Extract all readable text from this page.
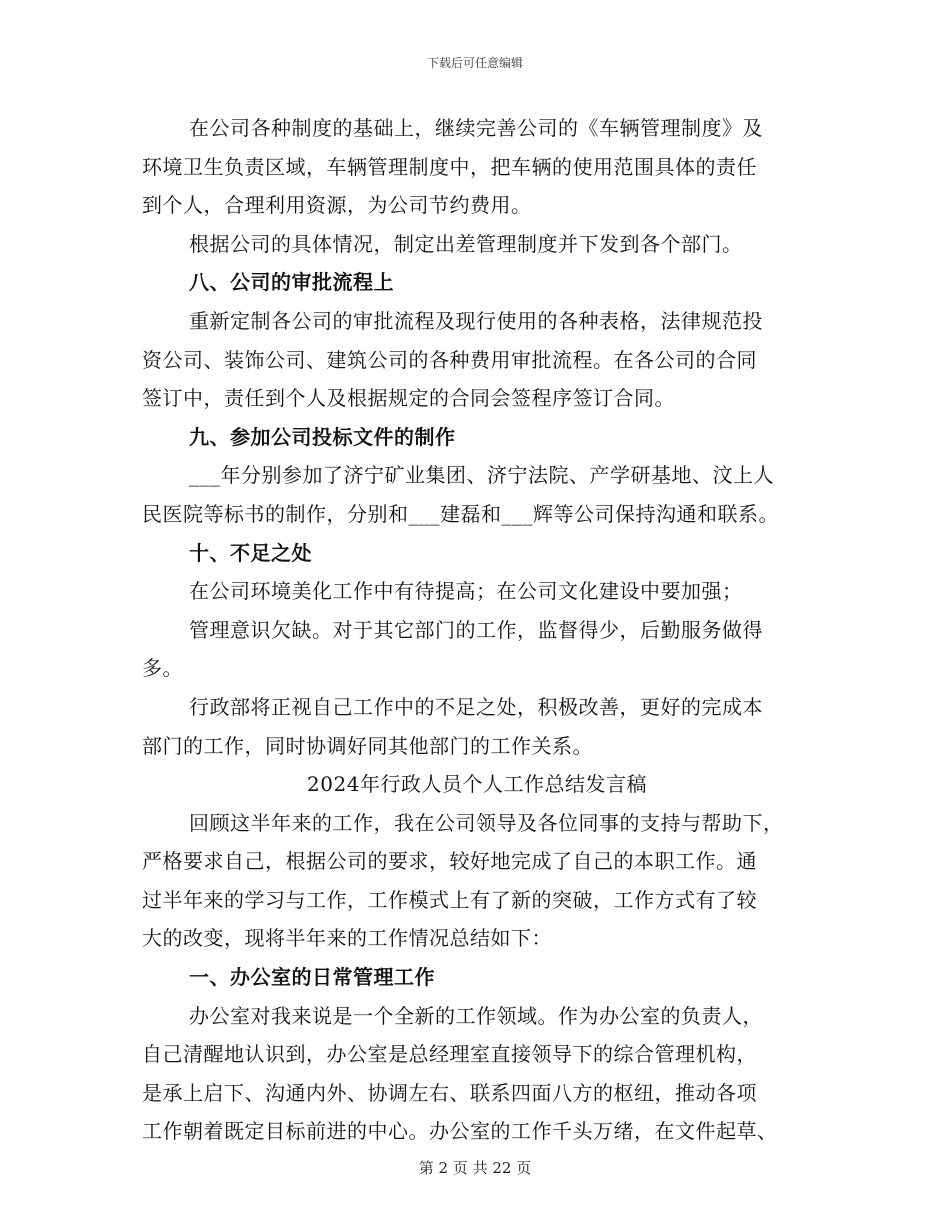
下载后可任意编辑
在公司各种制度的基础上，继续完善公司的《车辆管理制度》及
环境卫生负责区域，车辆管理制度中，把车辆的使用范围具体的责任
到个人，合理利用资源，为公司节约费用。
根据公司的具体情况，制定出差管理制度并下发到各个部门。
八、公司的审批流程上
重新定制各公司的审批流程及现行使用的各种表格，法律规范投
资公司、装饰公司、建筑公司的各种费用审批流程。在各公司的合同
签订中，责任到个人及根据规定的合同会签程序签订合同。
九、参加公司投标文件的制作
___年分别参加了济宁矿业集团、济宁法院、产学研基地、汶上人
民医院等标书的制作，分别和___建磊和___辉等公司保持沟通和联系。
十、不足之处
在公司环境美化工作中有待提高；在公司文化建设中要加强；
管理意识欠缺。对于其它部门的工作，监督得少，后勤服务做得
多。
行政部将正视自己工作中的不足之处，积极改善，更好的完成本
部门的工作，同时协调好同其他部门的工作关系。
2024年行政人员个人工作总结发言稿
回顾这半年来的工作，我在公司领导及各位同事的支持与帮助下，
严格要求自己，根据公司的要求，较好地完成了自己的本职工作。通
过半年来的学习与工作，工作模式上有了新的突破，工作方式有了较
大的改变，现将半年来的工作情况总结如下：
一、办公室的日常管理工作
办公室对我来说是一个全新的工作领域。作为办公室的负责人，
自己清醒地认识到，办公室是总经理室直接领导下的综合管理机构，
是承上启下、沟通内外、协调左右、联系四面八方的枢纽，推动各项
工作朝着既定目标前进的中心。办公室的工作千头万绪，在文件起草、
第 2 页 共 22 页
